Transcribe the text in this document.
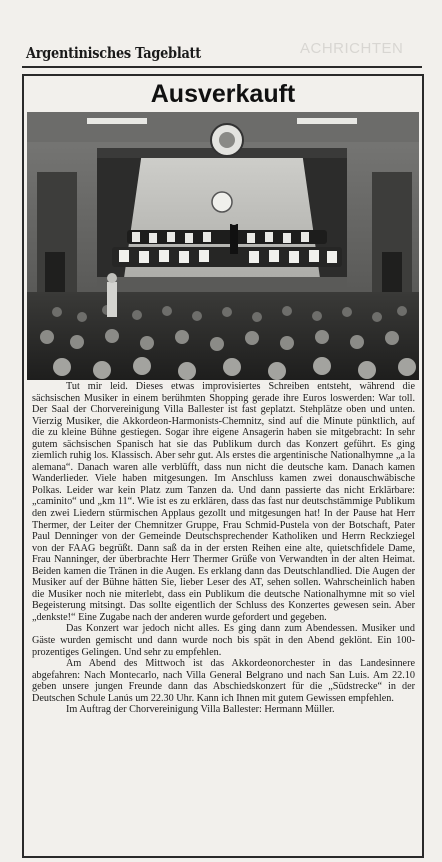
Argentinisches Tageblatt	ACHRICHTEN
Ausverkauft

Tut mir leid. Dieses etwas improvisiertes Schreiben entsteht, während die sächsischen Musiker in einem berühmten Shopping gerade ihre Euros loswerden: War toll. Der Saal der Chorvereinigung Villa Ballester ist fast geplatzt. Stehplätze oben und unten. Vierzig Musiker, die Akkordeon-Harmonists-Chemnitz, sind auf die Minute pünktlich, auf die zu kleine Bühne gestiegen. Sogar ihre eigene Ansagerin haben sie mitgebracht: In sehr gutem sächsischen Spanisch hat sie das Publikum durch das Konzert geführt. Es ging ziemlich ruhig los. Klassisch. Aber sehr gut. Als erstes die argentinische Nationalhymne „a la alemana“. Danach waren alle verblüfft, dass nun nicht die deutsche kam. Danach kamen Wanderlieder. Viele haben mitgesungen. Im Anschluss kamen zwei donauschwäbische Polkas. Leider war kein Platz zum Tanzen da. Und dann passierte das nicht Erklärbare: „caminito“ und „km 11“. Wie ist es zu erklären, dass das fast nur deutschstämmige Publikum den zwei Liedern stürmischen Applaus gezollt und mitgesungen hat! In der Pause hat Herr Thermer, der Leiter der Chemnitzer Gruppe, Frau Schmid-Pustela von der Botschaft, Pater Paul Denninger von der Gemeinde Deutschsprechender Katholiken und Herrn Reckziegel von der FAAG begrüßt. Dann saß da in der ersten Reihen eine alte, quietschfidele Dame, Frau Nanninger, der überbrachte Herr Thermer Grüße von Verwandten in der alten Heimat. Beiden kamen die Tränen in die Augen. Es erklang dann das Deutschlandlied. Die Augen der Musiker auf der Bühne hätten Sie, lieber Leser des AT, sehen sollen. Wahrscheinlich haben die Musiker noch nie miterlebt, dass ein Publikum die deutsche Nationalhymne mit so viel Begeisterung mitsingt. Das sollte eigentlich der Schluss des Konzertes gewesen sein. Aber „denkste!“ Eine Zugabe nach der anderen wurde gefordert und gegeben.

Das Konzert war jedoch nicht alles. Es ging dann zum Abendessen. Musiker und Gäste wurden gemischt und dann wurde noch bis spät in den Abend geklönt. Ein 100-prozentiges Gelingen. Und sehr zu empfehlen.

Am Abend des Mittwoch ist das Akkordeonorchester in das Landesinnere abgefahren: Nach Montecarlo, nach Villa General Belgrano und nach San Luis. Am 22.10 geben unsere jungen Freunde dann das Abschiedskonzert für die „Südstrecke“ in der Deutschen Schule Lanús um 22.30 Uhr. Kann ich Ihnen mit gutem Gewissen empfehlen.

Im Auftrag der Chorvereinigung Villa Ballester: Hermann Müller.
